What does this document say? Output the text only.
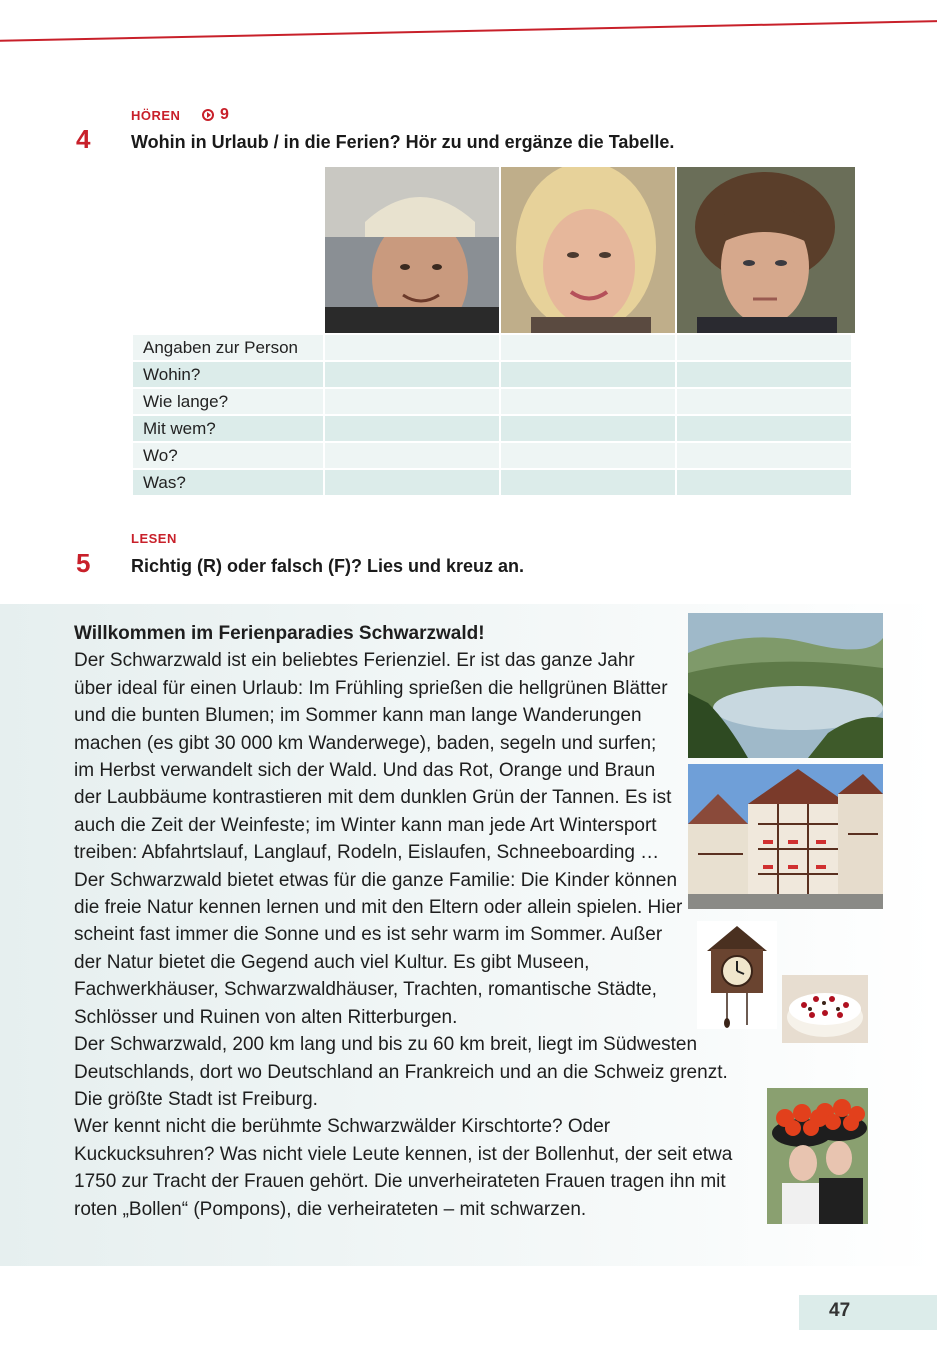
HÖREN 9
4 Wohin in Urlaub / in die Ferien? Hör zu und ergänze die Tabelle.
Angaben zur Person
Wohin?
Wie lange?
Mit wem?
Wo?
Was?
LESEN
5 Richtig (R) oder falsch (F)? Lies und kreuz an.

Willkommen im Ferienparadies Schwarzwald!

Der Schwarzwald ist ein beliebtes Ferienziel. Er ist das ganze Jahr über ideal für einen Urlaub: Im Frühling sprießen die hellgrünen Blätter und die bunten Blumen; im Sommer kann man lange Wanderungen machen (es gibt 30 000 km Wanderwege), baden, segeln und surfen; im Herbst verwandelt sich der Wald. Und das Rot, Orange und Braun der Laubbäume kontrastieren mit dem dunklen Grün der Tannen. Es ist auch die Zeit der Weinfeste; im Winter kann man jede Art Wintersport treiben: Abfahrtslauf, Langlauf, Rodeln, Eislaufen, Schneeboarding …

Der Schwarzwald bietet etwas für die ganze Familie: Die Kinder können die freie Natur kennen lernen und mit den Eltern oder allein spielen. Hier scheint fast immer die Sonne und es ist sehr warm im Sommer. Außer der Natur bietet die Gegend auch viel Kultur. Es gibt Museen, Fachwerkhäuser, Schwarzwaldhäuser, Trachten, romantische Städte, Schlösser und Ruinen von alten Ritterburgen.

Der Schwarzwald, 200 km lang und bis zu 60 km breit, liegt im Südwesten Deutschlands, dort wo Deutschland an Frankreich und an die Schweiz grenzt. Die größte Stadt ist Freiburg.

Wer kennt nicht die berühmte Schwarzwälder Kirschtorte? Oder Kuckucksuhren? Was nicht viele Leute kennen, ist der Bollenhut, der seit etwa 1750 zur Tracht der Frauen gehört. Die unverheirateten Frauen tragen ihn mit roten „Bollen“ (Pompons), die verheirateten – mit schwarzen.

47
